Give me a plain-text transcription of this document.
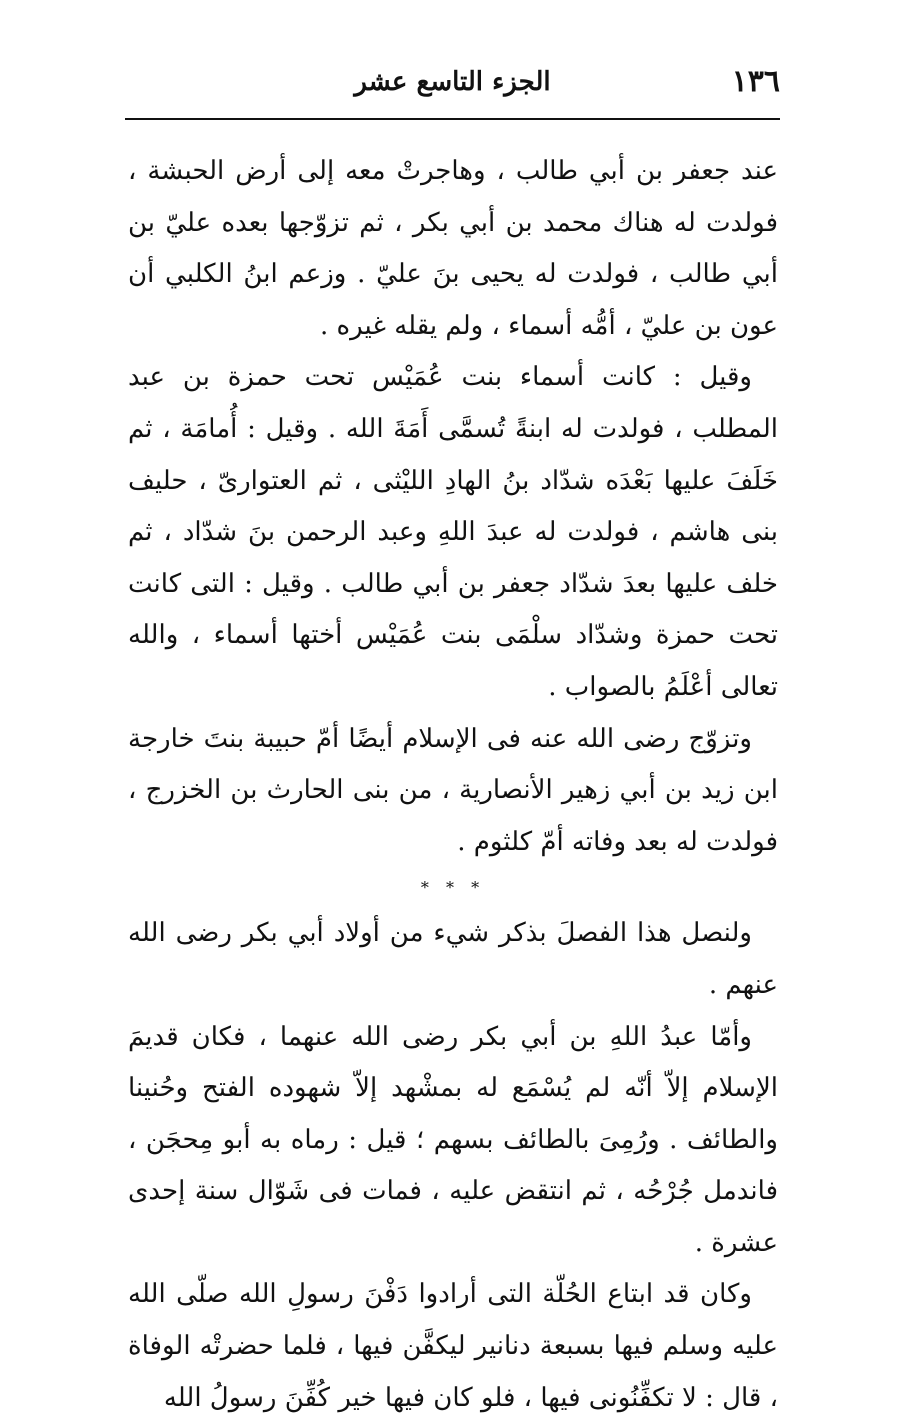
١٣٦
الجزء التاسع عشر

عند جعفر بن أبي طالب ، وهاجرتْ معه إلى أرض الحبشة ، فولدت له هناك محمد بن أبي بكر ، ثم تزوّجها بعده عليّ بن أبي طالب ، فولدت له يحيى بنَ عليّ . وزعم ابنُ الكلبي أن عون بن عليّ ، أمُّه أسماء ، ولم يقله غيره .

وقيل : كانت أسماء بنت عُمَيْس تحت حمزة بن عبد المطلب ، فولدت له ابنةً تُسمَّى أَمَةَ الله . وقيل : أُمامَة ، ثم خَلَفَ عليها بَعْدَه شدّاد بنُ الهادِ الليْثى ، ثم العتوارىّ ، حليف بنى هاشم ، فولدت له عبدَ اللهِ وعبد الرحمن بنَ شدّاد ، ثم خلف عليها بعدَ شدّاد جعفر بن أبي طالب . وقيل : التى كانت تحت حمزة وشدّاد سلْمَى بنت عُمَيْس أختها أسماء ، والله تعالى أعْلَمُ بالصواب .

وتزوّج رضى الله عنه فى الإسلام أيضًا أمّ حبيبة بنتَ خارجة ابن زيد بن أبي زهير الأنصارية ، من بنى الحارث بن الخزرج ، فولدت له بعد وفاته أمّ كلثوم .

* * *

ولنصل هذا الفصلَ بذكر شيء من أولاد أبي بكر رضى الله عنهم .

وأمّا عبدُ اللهِ بن أبي بكر رضى الله عنهما ، فكان قديمَ الإسلام إلاّ أنّه لم يُسْمَع له بمشْهد إلاّ شهوده الفتح وحُنينا والطائف . ورُمِىَ بالطائف بسهم ؛ قيل : رماه به أبو مِحجَن ، فاندمل جُرْحُه ، ثم انتقض عليه ، فمات فى شَوّال سنة إحدى عشرة .

وكان قد ابتاع الحُلّة التى أرادوا دَفْنَ رسولِ الله صلّى الله عليه وسلم فيها بسبعة دنانير ليكفَّن فيها ، فلما حضرتْه الوفاة ، قال : لا تكفِّنُونى فيها ، فلو كان فيها خير كُفِّنَ رسولُ الله
